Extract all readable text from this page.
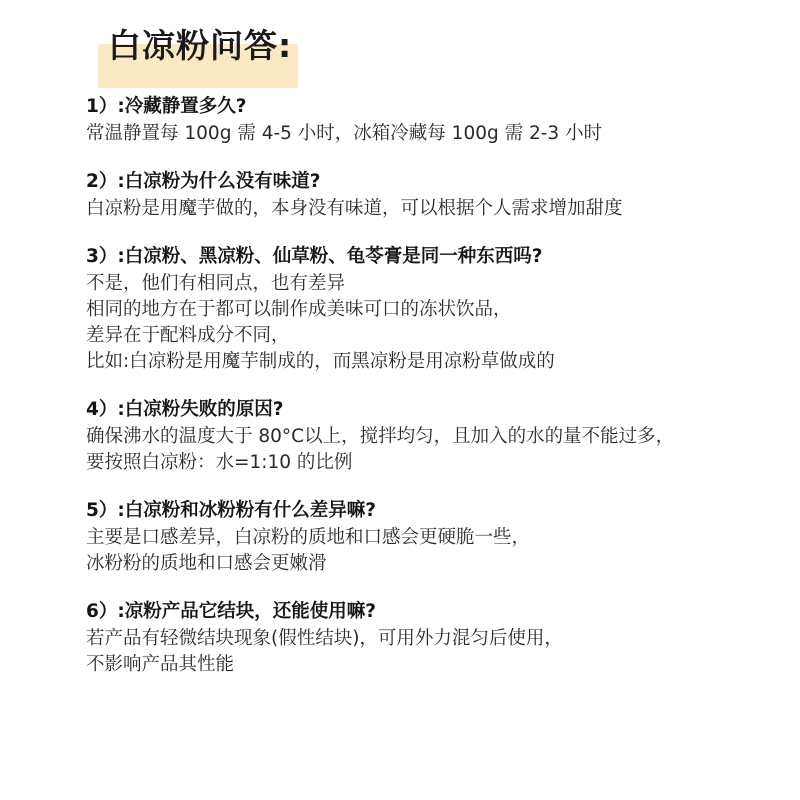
白凉粉问答:
1）:冷藏静置多久?
常温静置每 100g 需 4-5 小时，冰箱冷藏每 100g 需 2-3 小时
2）:白凉粉为什么没有味道?
白凉粉是用魔芋做的，本身没有味道，可以根据个人需求增加甜度
3）:白凉粉、黑凉粉、仙草粉、龟苓膏是同一种东西吗?
不是，他们有相同点，也有差异
相同的地方在于都可以制作成美味可口的冻状饮品，
差异在于配料成分不同，
比如:白凉粉是用魔芋制成的，而黑凉粉是用凉粉草做成的
4）:白凉粉失败的原因?
确保沸水的温度大于 80°C以上，搅拌均匀，且加入的水的量不能过多，
要按照白凉粉：水=1:10 的比例
5）:白凉粉和冰粉粉有什么差异嘛?
主要是口感差异，白凉粉的质地和口感会更硬脆一些，
冰粉粉的质地和口感会更嫩滑
6）:凉粉产品它结块，还能使用嘛?
若产品有轻微结块现象(假性结块)，可用外力混匀后使用，
不影响产品其性能
